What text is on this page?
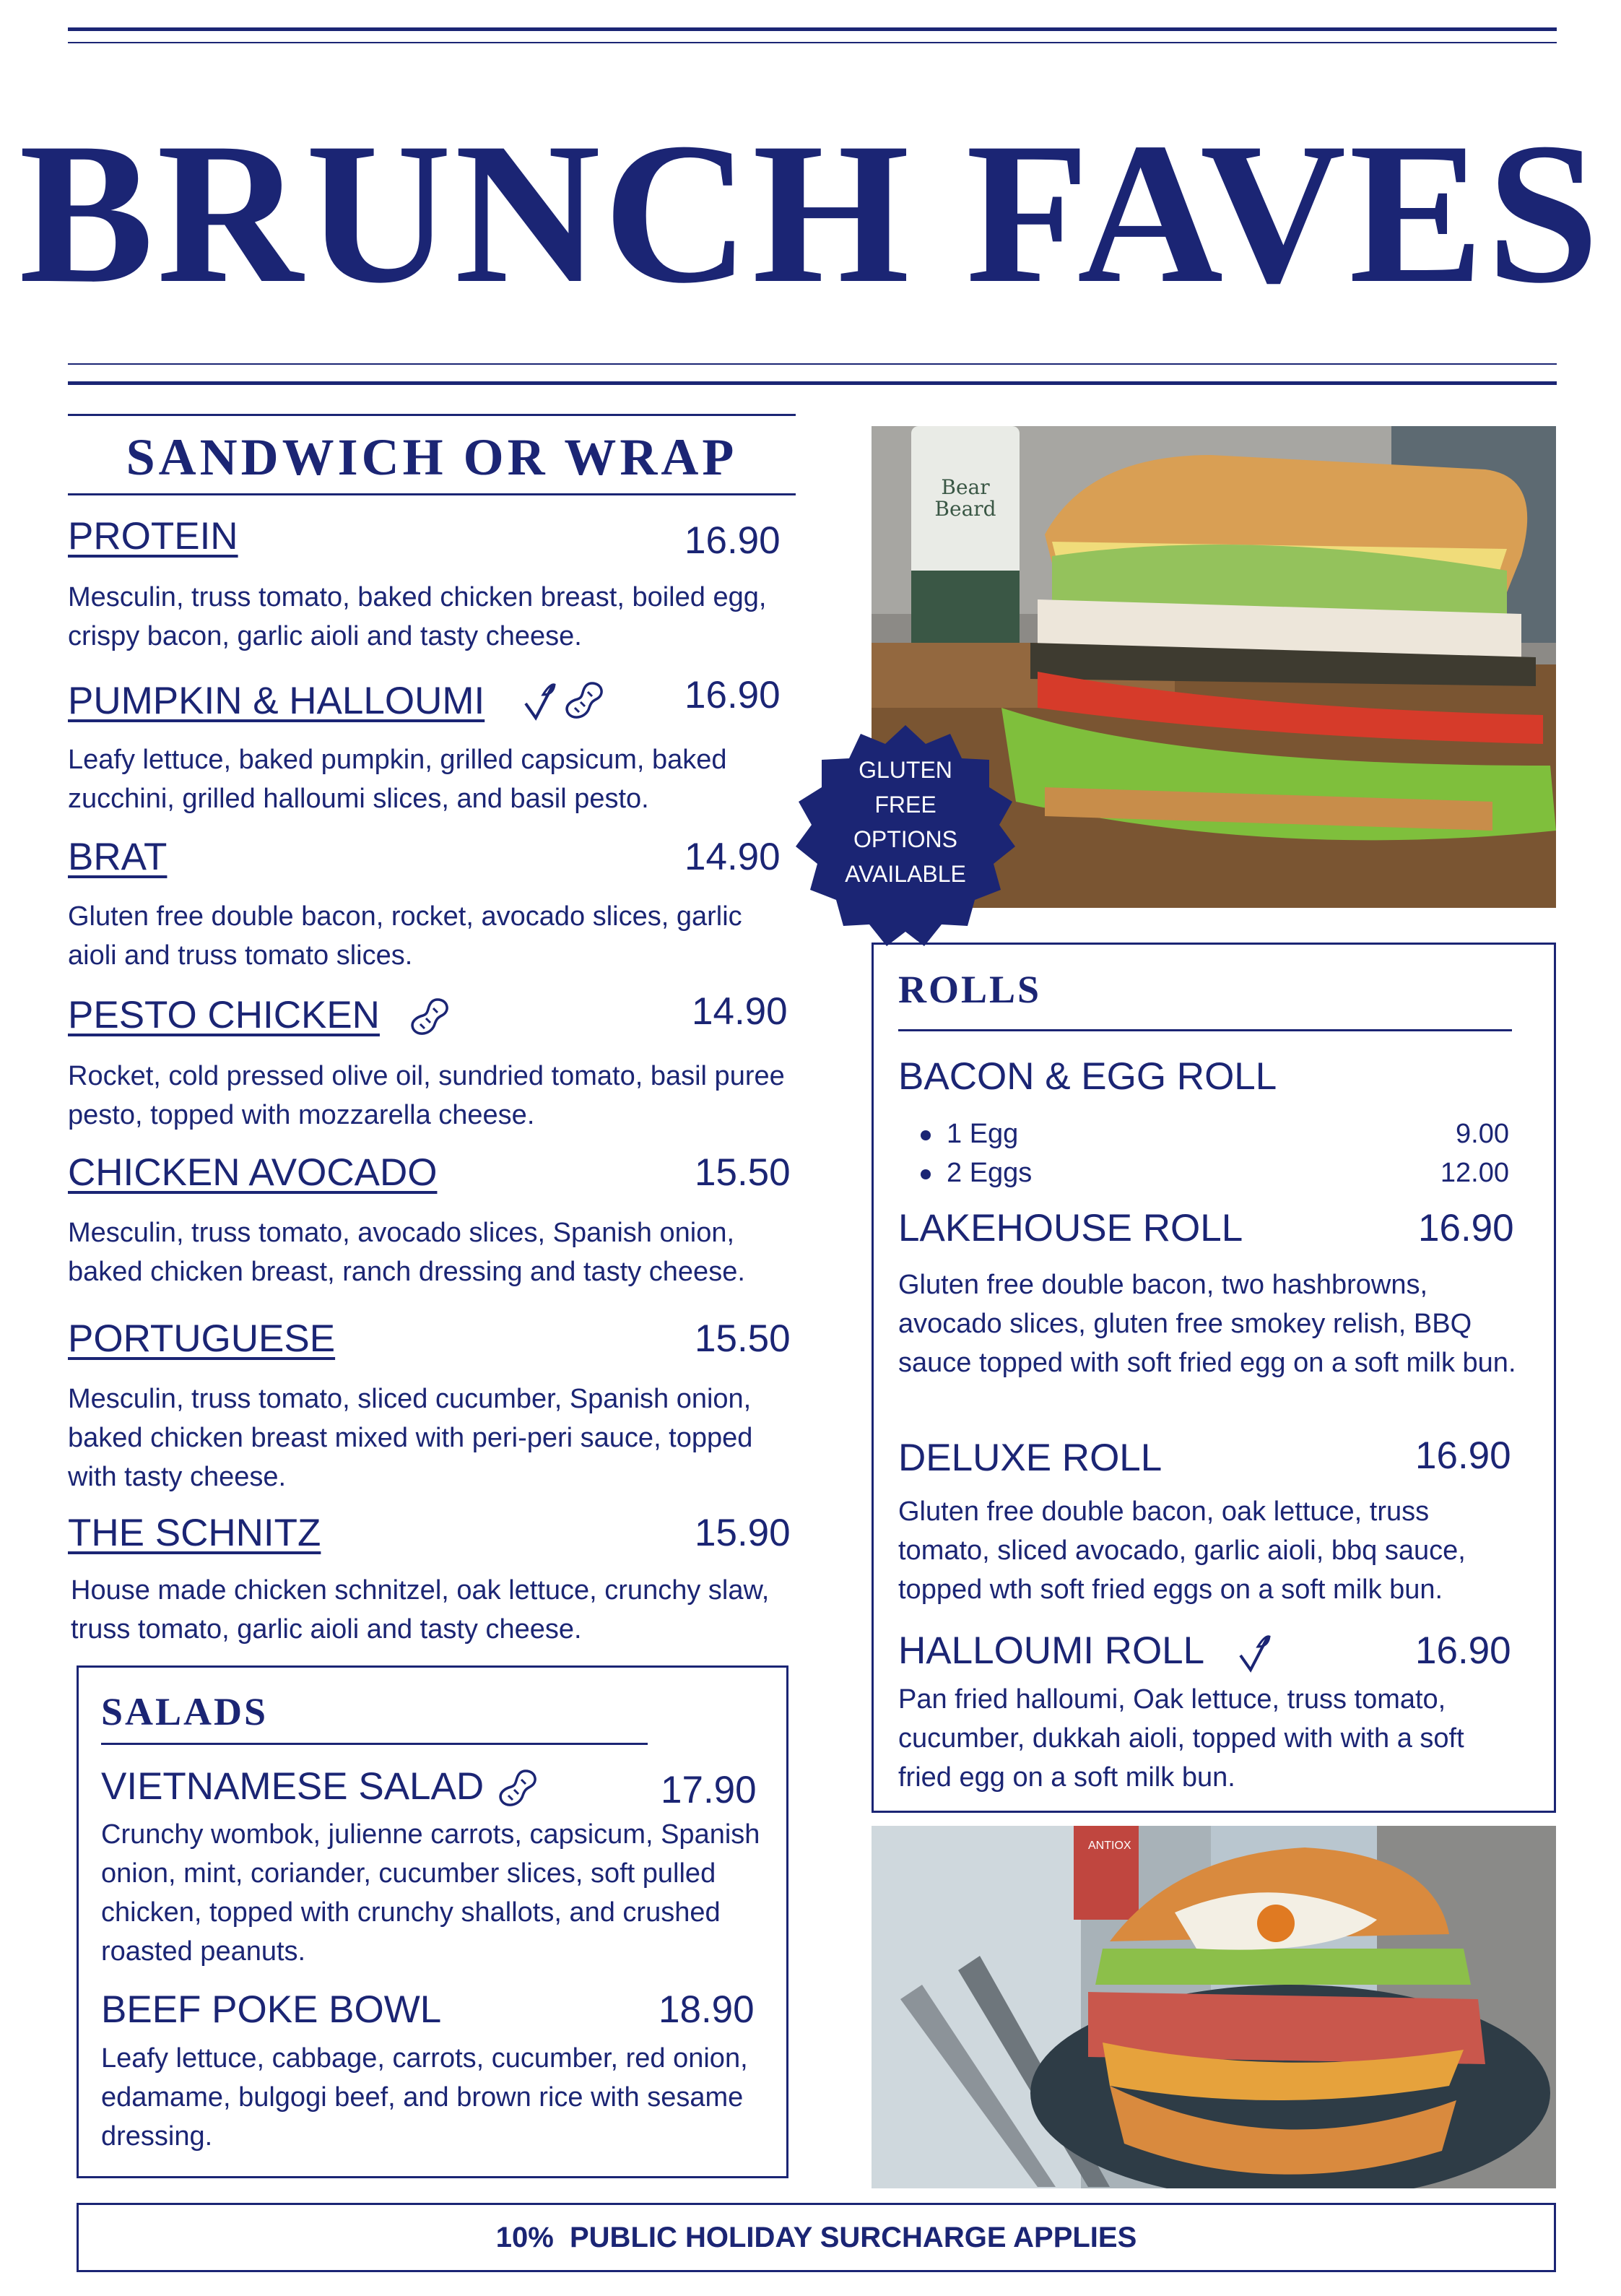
BRUNCH FAVES
SANDWICH OR WRAP
PROTEIN	16.90
Mesculin, truss tomato, baked chicken breast, boiled egg, crispy bacon, garlic aioli and tasty cheese.
PUMPKIN & HALLOUMI	16.90
Leafy lettuce, baked pumpkin, grilled capsicum, baked zucchini, grilled halloumi slices, and basil pesto.
BRAT	14.90
Gluten free double bacon, rocket, avocado slices, garlic aioli and truss tomato slices.
PESTO CHICKEN	14.90
Rocket, cold pressed olive oil, sundried tomato, basil puree pesto, topped with mozzarella cheese.
CHICKEN AVOCADO	15.50
Mesculin, truss tomato, avocado slices, Spanish onion, baked chicken breast, ranch dressing and tasty cheese.
PORTUGUESE	15.50
Mesculin, truss tomato, sliced cucumber, Spanish onion, baked chicken breast mixed with peri-peri sauce, topped with tasty cheese.
THE SCHNITZ	15.90
House made chicken schnitzel, oak lettuce, crunchy slaw, truss tomato, garlic aioli and tasty cheese.
Bear Beard
GLUTEN
FREE
OPTIONS
AVAILABLE
ROLLS
BACON & EGG ROLL
1 Egg	9.00
2 Eggs	12.00
LAKEHOUSE ROLL	16.90
Gluten free double bacon, two hashbrowns, avocado slices, gluten free smokey relish, BBQ sauce topped with soft fried egg on a soft milk bun.
DELUXE ROLL	16.90
Gluten free double bacon, oak lettuce, truss tomato, sliced avocado, garlic aioli, bbq sauce, topped wth soft fried eggs on a soft milk bun.
HALLOUMI ROLL	16.90
Pan fried halloumi, Oak lettuce, truss tomato, cucumber, dukkah aioli, topped with with a soft fried egg on a soft milk bun.
SALADS
VIETNAMESE SALAD	17.90
Crunchy wombok, julienne carrots, capsicum, Spanish onion, mint, coriander, cucumber slices, soft pulled chicken, topped with crunchy shallots, and crushed roasted peanuts.
BEEF POKE BOWL	18.90
Leafy lettuce, cabbage, carrots, cucumber, red onion, edamame, bulgogi beef, and brown rice with sesame dressing.
ANTIOX
10%  PUBLIC HOLIDAY SURCHARGE APPLIES
